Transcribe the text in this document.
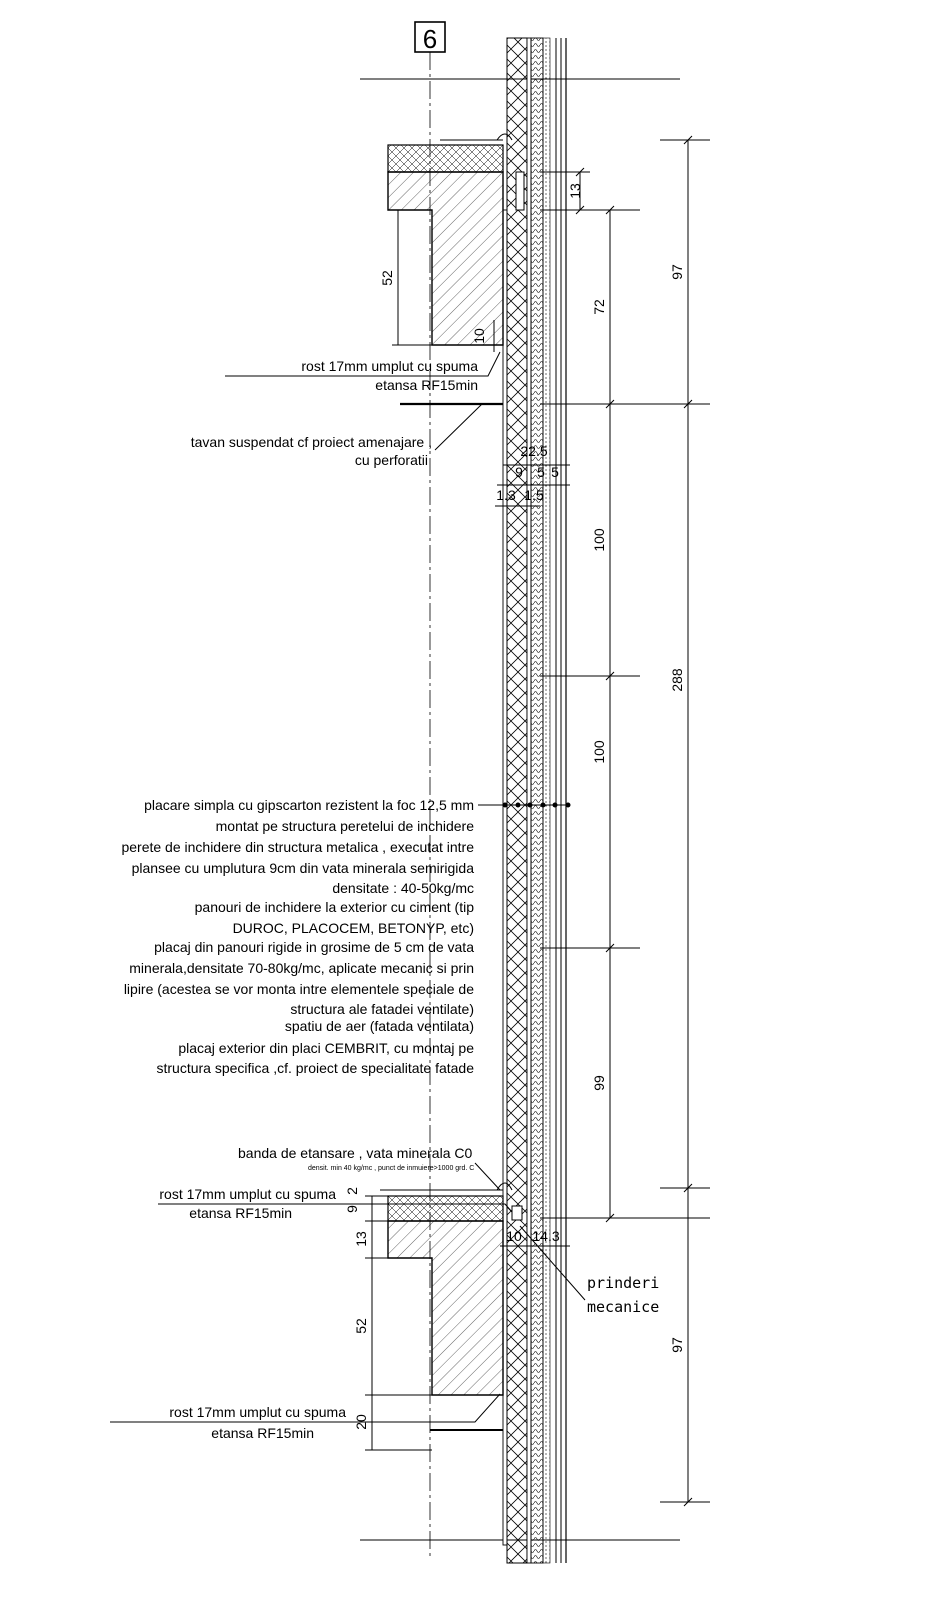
6
13
72
97
52
10
22.5
9 5 5
1.3 1.5
100
288
100
99
2
9
13	10 14.3
52
20
97
rost 17mm umplut cu spuma
etansa RF15min
tavan suspendat cf proiect amenajare ,
cu perforatii
placare simpla cu gipscarton rezistent la foc 12,5 mm
montat pe structura peretelui de inchidere
perete de inchidere din structura metalica , executat intre
plansee cu umplutura 9cm din vata minerala semirigida
densitate : 40-50kg/mc
panouri de inchidere la exterior cu ciment (tip
DUROC, PLACOCEM, BETONYP, etc)
placaj din panouri rigide in grosime de 5 cm de vata
minerala,densitate 70-80kg/mc, aplicate mecanic si prin
lipire (acestea se vor monta intre elementele speciale de
structura ale fatadei ventilate)
spatiu de aer (fatada ventilata)
placaj exterior din placi CEMBRIT, cu montaj pe
structura specifica ,cf. proiect de specialitate fatade
banda de etansare , vata minerala C0
densit. min 40 kg/mc , punct de inmuiere>1000 grd. C
rost 17mm umplut cu spuma
etansa RF15min
prinderi
mecanice
rost 17mm umplut cu spuma
etansa RF15min
